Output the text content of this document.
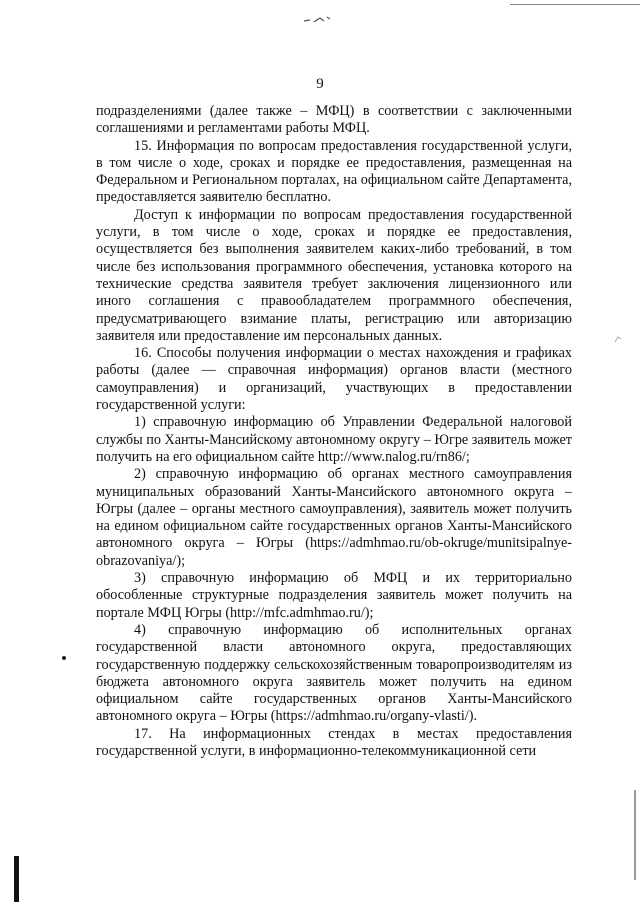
9

подразделениями (далее также – МФЦ) в соответствии с заключенными соглашениями и регламентами работы МФЦ.

15. Информация по вопросам предоставления государственной услуги, в том числе о ходе, сроках и порядке ее предоставления, размещенная на Федеральном и Региональном порталах, на официальном сайте Департамента, предоставляется заявителю бесплатно.

Доступ к информации по вопросам предоставления государственной услуги, в том числе о ходе, сроках и порядке ее предоставления, осуществляется без выполнения заявителем каких-либо требований, в том числе без использования программного обеспечения, установка которого на технические средства заявителя требует заключения лицензионного или иного соглашения с правообладателем программного обеспечения, предусматривающего взимание платы, регистрацию или авторизацию заявителя или предоставление им персональных данных.

16. Способы получения информации о местах нахождения и графиках работы (далее — справочная информация) органов власти (местного самоуправления) и организаций, участвующих в предоставлении государственной услуги:

1) справочную информацию об Управлении Федеральной налоговой службы по Ханты-Мансийскому автономному округу – Югре заявитель может получить на его официальном сайте http://www.nalog.ru/rn86/;

2) справочную информацию об органах местного самоуправления муниципальных образований Ханты-Мансийского автономного округа – Югры (далее – органы местного самоуправления), заявитель может получить на едином официальном сайте государственных органов Ханты-Мансийского автономного округа – Югры (https://admhmao.ru/ob-okruge/munitsipalnye-obrazovaniya/);

3) справочную информацию об МФЦ и их территориально обособленные структурные подразделения заявитель может получить на портале МФЦ Югры (http://mfc.admhmao.ru/);

4) справочную информацию об исполнительных органах государственной власти автономного округа, предоставляющих государственную поддержку сельскохозяйственным товаропроизводителям из бюджета автономного округа заявитель может получить на едином официальном сайте государственных органов Ханты-Мансийского автономного округа – Югры (https://admhmao.ru/organy-vlasti/).

17. На информационных стендах в местах предоставления государственной услуги, в информационно-телекоммуникационной сети
